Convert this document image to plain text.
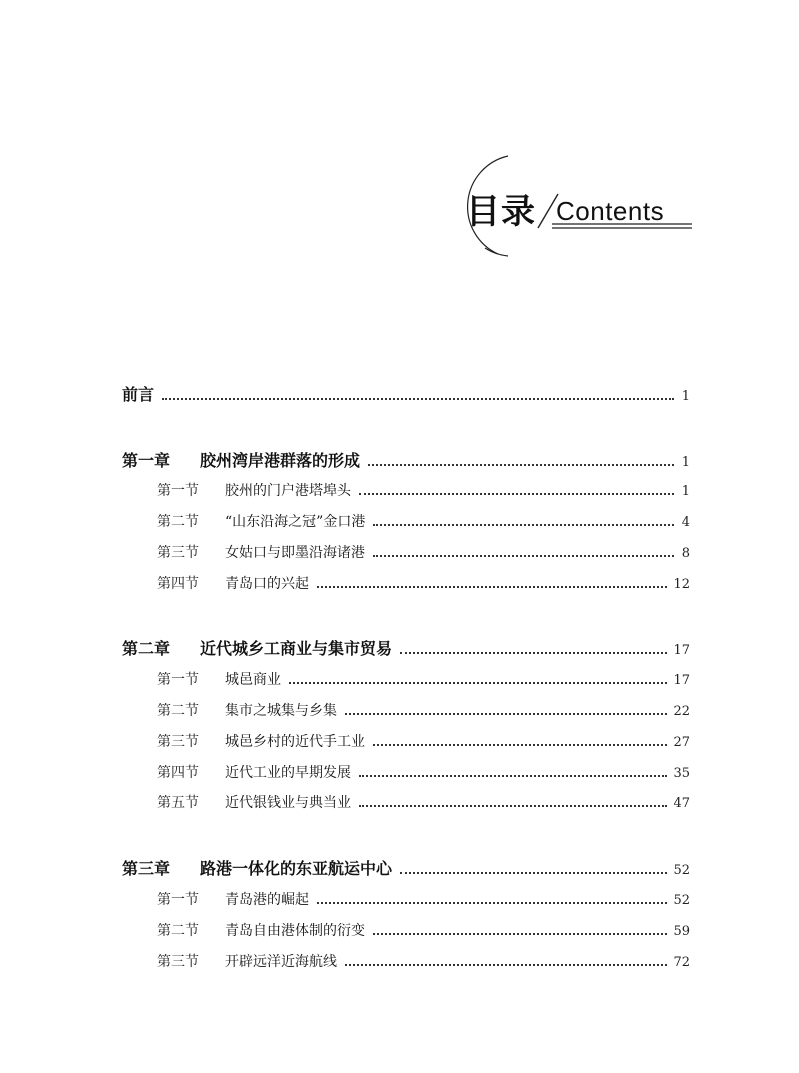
目录 Contents
前言	1
第一章	胶州湾岸港群落的形成	1
第一节	胶州的门户港塔埠头	1
第二节	“山东沿海之冠”金口港	4
第三节	女姑口与即墨沿海诸港	8
第四节	青岛口的兴起	12
第二章	近代城乡工商业与集市贸易	17
第一节	城邑商业	17
第二节	集市之城集与乡集	22
第三节	城邑乡村的近代手工业	27
第四节	近代工业的早期发展	35
第五节	近代银钱业与典当业	47
第三章	路港一体化的东亚航运中心	52
第一节	青岛港的崛起	52
第二节	青岛自由港体制的衍变	59
第三节	开辟远洋近海航线	72
